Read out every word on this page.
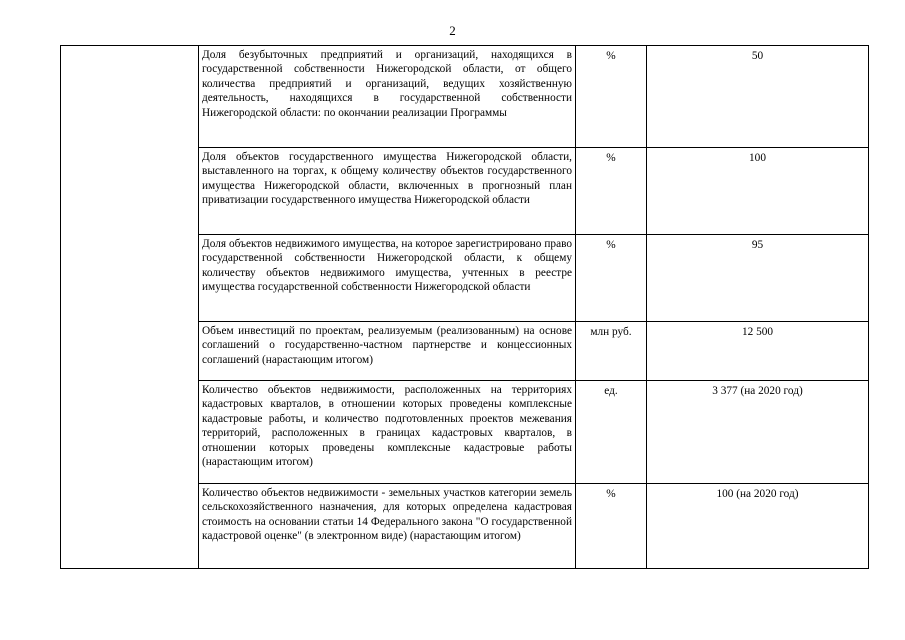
2
	Доля безубыточных предприятий и организаций, находящихся в государственной собственности Нижегородской области, от общего количества предприятий и организаций, ведущих хозяйственную деятельность, находящихся в государственной собственности Нижегородской области: по окончании реализации Программы	%	50
	Доля объектов государственного имущества Нижегородской области, выставленного на торгах, к общему количеству объектов государственного имущества Нижегородской области, включенных в прогнозный план приватизации государственного имущества Нижегородской области	%	100
	Доля объектов недвижимого имущества, на которое зарегистрировано право государственной собственности Нижегородской области, к общему количеству объектов недвижимого имущества, учтенных в реестре имущества государственной собственности Нижегородской области	%	95
	Объем инвестиций по проектам, реализуемым (реализованным) на основе соглашений о государственно-частном партнерстве и концессионных соглашений (нарастающим итогом)	млн руб.	12 500
	Количество объектов недвижимости, расположенных на территориях кадастровых кварталов, в отношении которых проведены комплексные кадастровые работы, и количество подготовленных проектов межевания территорий, расположенных в границах кадастровых кварталов, в отношении которых проведены комплексные кадастровые работы (нарастающим итогом)	ед.	3 377 (на 2020 год)
	Количество объектов недвижимости - земельных участков категории земель сельскохозяйственного назначения, для которых определена кадастровая стоимость на основании статьи 14 Федерального закона "О государственной кадастровой оценке" (в электронном виде) (нарастающим итогом)	%	100 (на 2020 год)
